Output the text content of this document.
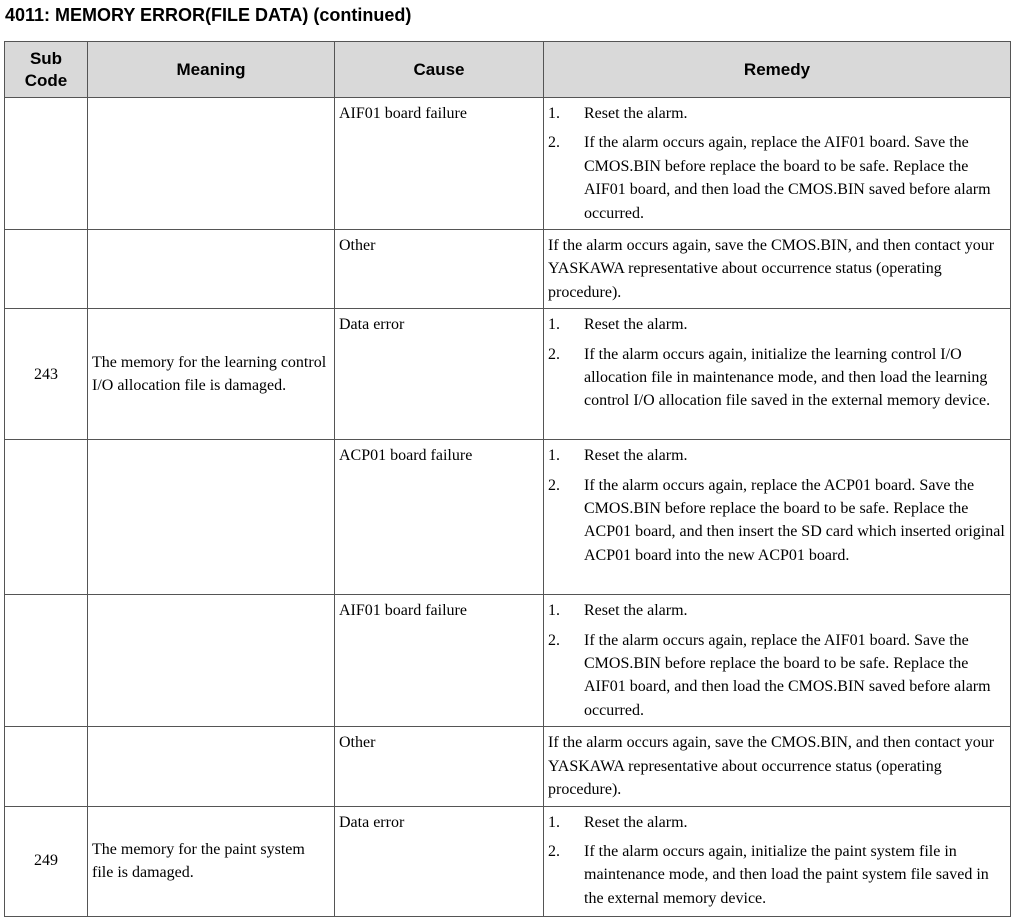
4011: MEMORY ERROR(FILE DATA) (continued)
Sub
Code	Meaning	Cause	Remedy
		AIF01 board failure	1. Reset the alarm.
2. If the alarm occurs again, replace the AIF01 board. Save the CMOS.BIN before replace the board to be safe. Replace the AIF01 board, and then load the CMOS.BIN saved before alarm occurred.

		Other	If the alarm occurs again, save the CMOS.BIN, and then contact your YASKAWA representative about occurrence status (operating procedure).

243	The memory for the learning control I/O allocation file is damaged.	Data error	1. Reset the alarm.
2. If the alarm occurs again, initialize the learning control I/O allocation file in maintenance mode, and then load the learning control I/O allocation file saved in the external memory device.

		ACP01 board failure	1. Reset the alarm.
2. If the alarm occurs again, replace the ACP01 board. Save the CMOS.BIN before replace the board to be safe. Replace the ACP01 board, and then insert the SD card which inserted original ACP01 board into the new ACP01 board.

		AIF01 board failure	1. Reset the alarm.
2. If the alarm occurs again, replace the AIF01 board. Save the CMOS.BIN before replace the board to be safe. Replace the AIF01 board, and then load the CMOS.BIN saved before alarm occurred.

		Other	If the alarm occurs again, save the CMOS.BIN, and then contact your YASKAWA representative about occurrence status (operating procedure).

249	The memory for the paint system file is damaged.	Data error	1. Reset the alarm.
2. If the alarm occurs again, initialize the paint system file in maintenance mode, and then load the paint system file saved in the external memory device.
